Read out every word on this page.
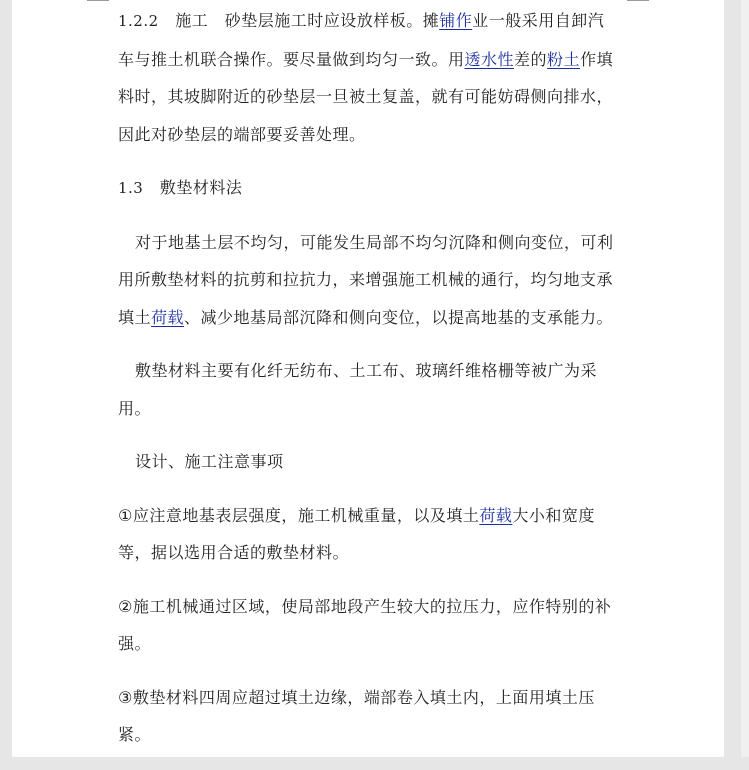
1.2.2　 施工　砂垫层施工时应设放样板。摊铺作业一般采用自卸汽车与推土机联合操作。要尽量做到均匀一致。用透水性差的粉土作填料时，其坡脚附近的砂垫层一旦被土复盖，就有可能妨碍侧向排水，因此对砂垫层的端部要妥善处理。

1.3　 敷垫材料法

对于地基土层不均匀，可能发生局部不均匀沉降和侧向变位，可利用所敷垫材料的抗剪和拉抗力，来增强施工机械的通行，均匀地支承填土荷载、减少地基局部沉降和侧向变位，以提高地基的支承能力。

敷垫材料主要有化纤无纺布、土工布、玻璃纤维格栅等被广为采用。

设计、施工注意事项

①应注意地基表层强度，施工机械重量，以及填土荷载大小和宽度等，据以选用合适的敷垫材料。

②施工机械通过区域，使局部地段产生较大的拉压力，应作特别的补强。

③敷垫材料四周应超过填土边缘，端部卷入填土内，上面用填土压紧。
